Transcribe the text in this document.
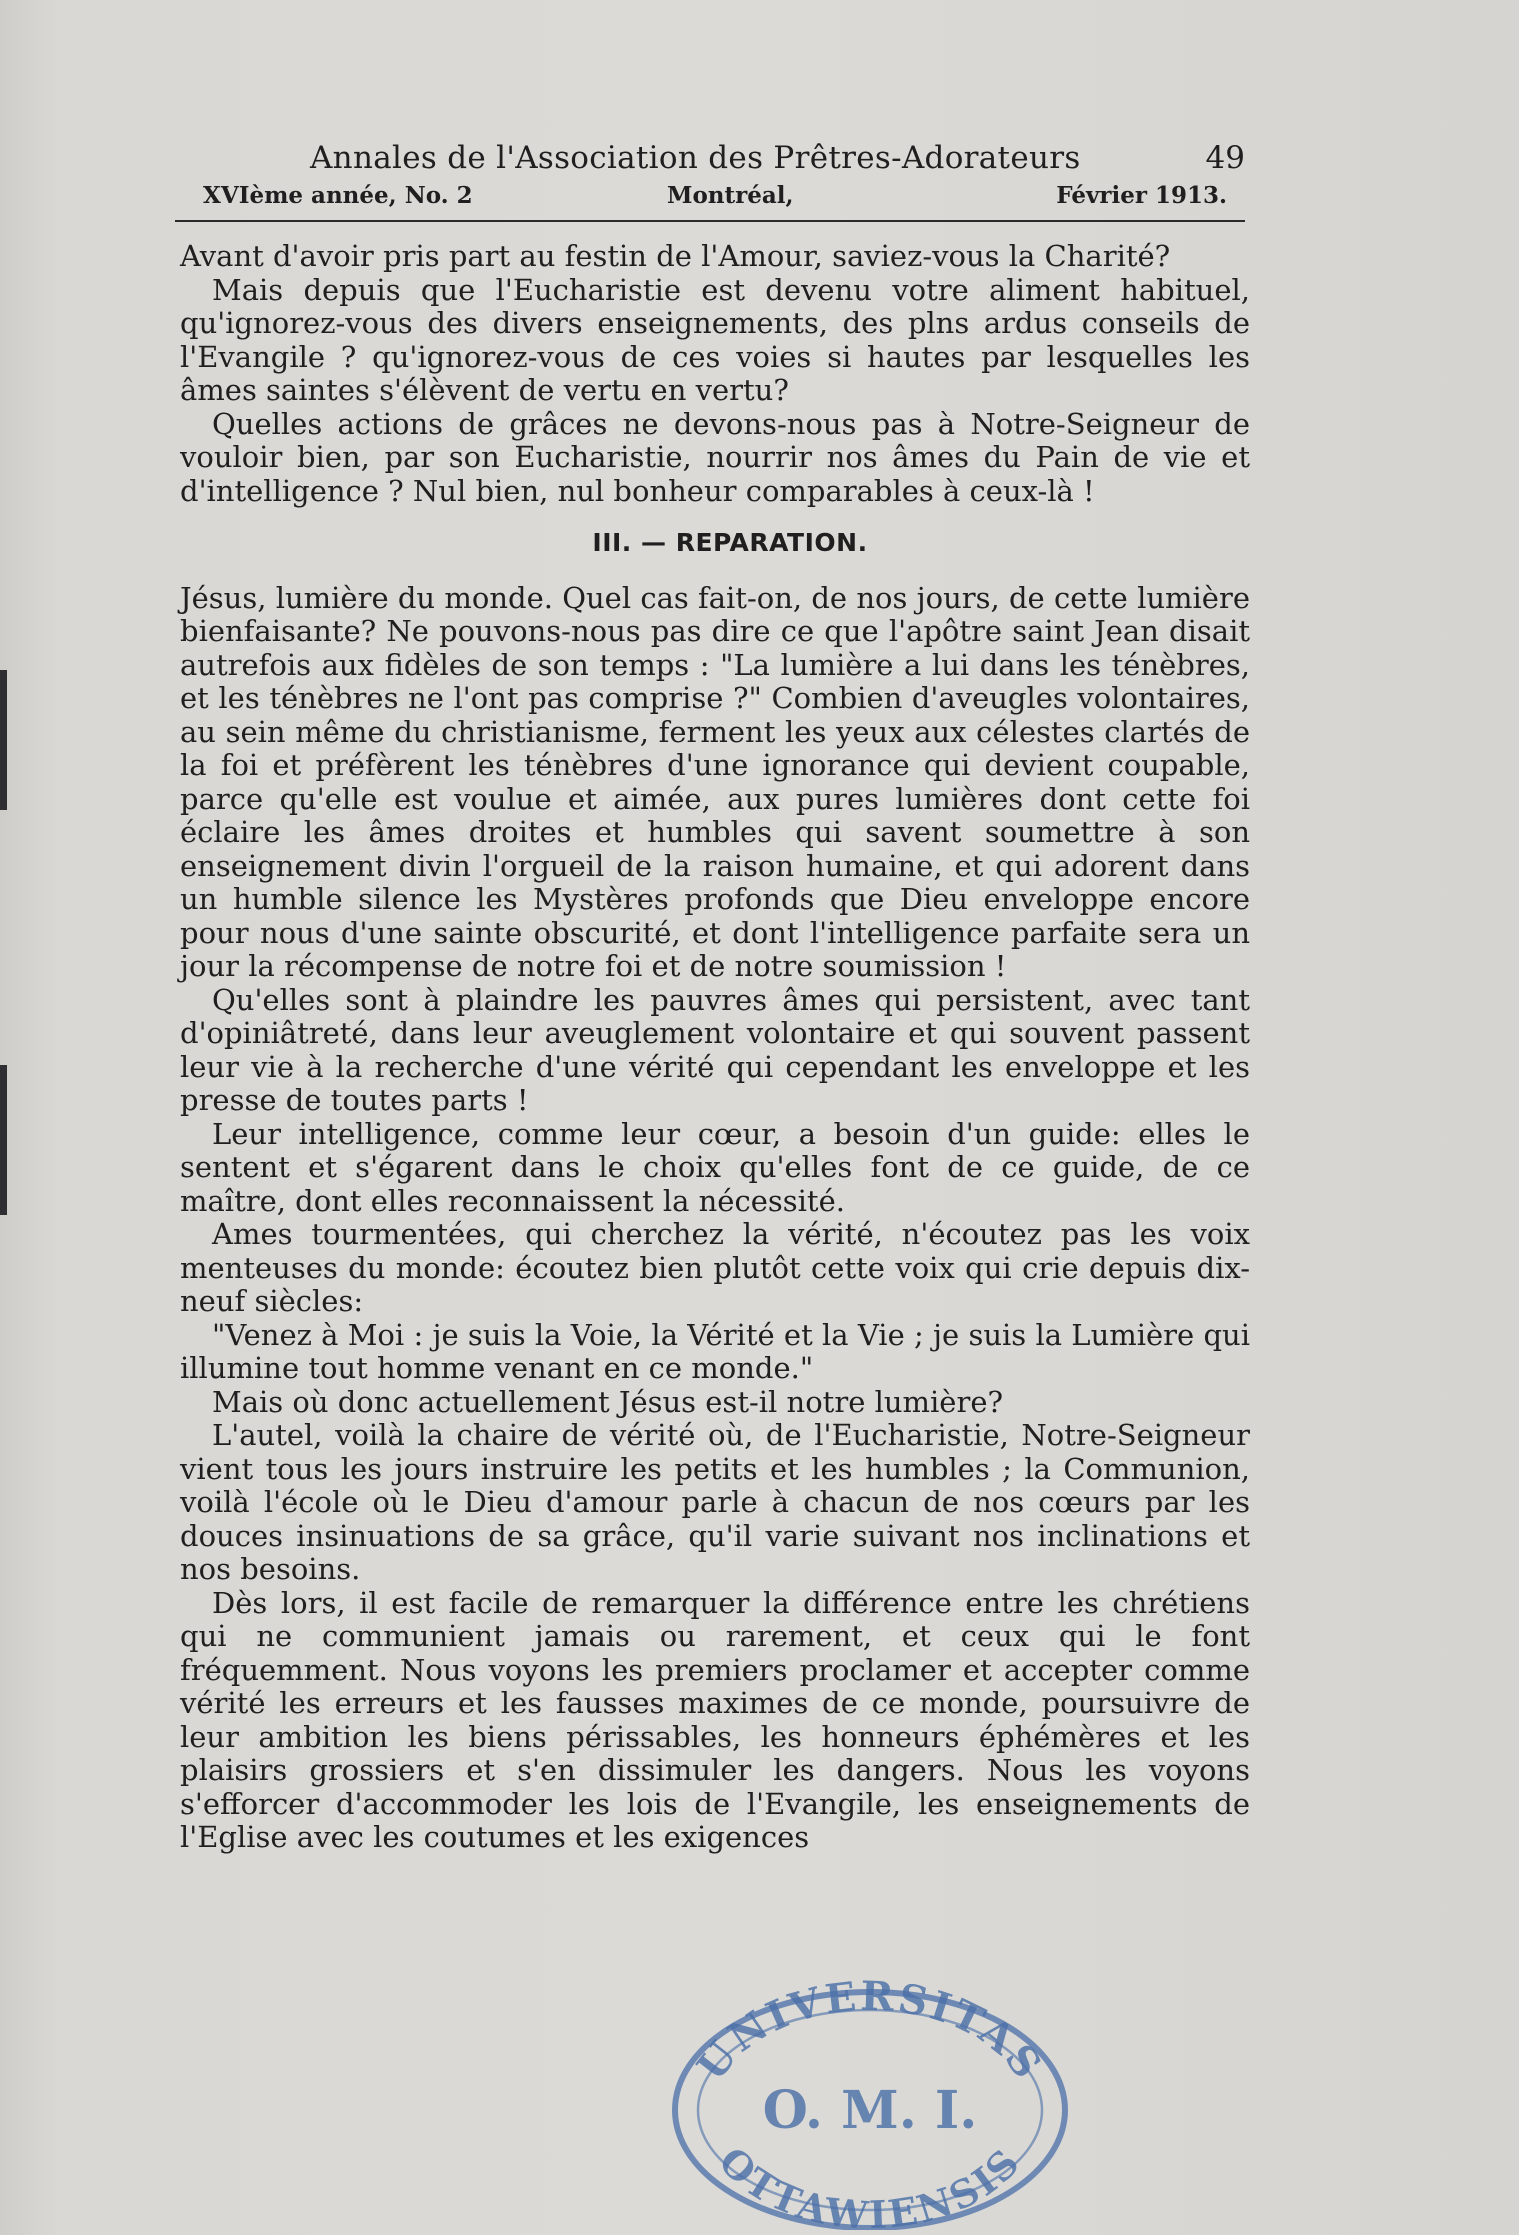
Annales de l'Association des Prêtres-Adorateurs	49
XVIème année, No. 2	Montréal,	Février 1913.

Avant d'avoir pris part au festin de l'Amour, saviez-vous la Charité?

Mais depuis que l'Eucharistie est devenu votre aliment habituel, qu'ignorez-vous des divers enseignements, des plns ardus conseils de l'Evangile ? qu'ignorez-vous de ces voies si hautes par lesquelles les âmes saintes s'élèvent de vertu en vertu?

Quelles actions de grâces ne devons-nous pas à Notre-Seigneur de vouloir bien, par son Eucharistie, nourrir nos âmes du Pain de vie et d'intelligence ? Nul bien, nul bonheur comparables à ceux-là !

III. — REPARATION.

Jésus, lumière du monde. Quel cas fait-on, de nos jours, de cette lumière bienfaisante? Ne pouvons-nous pas dire ce que l'apôtre saint Jean disait autrefois aux fidèles de son temps : "La lumière a lui dans les ténèbres, et les ténèbres ne l'ont pas comprise ?" Combien d'aveugles volontaires, au sein même du christianisme, ferment les yeux aux célestes clartés de la foi et préfèrent les ténèbres d'une ignorance qui devient coupable, parce qu'elle est voulue et aimée, aux pures lumières dont cette foi éclaire les âmes droites et humbles qui savent soumettre à son enseignement divin l'orgueil de la raison humaine, et qui adorent dans un humble silence les Mystères profonds que Dieu enveloppe encore pour nous d'une sainte obscurité, et dont l'intelligence parfaite sera un jour la récompense de notre foi et de notre soumission !

Qu'elles sont à plaindre les pauvres âmes qui persistent, avec tant d'opiniâtreté, dans leur aveuglement volontaire et qui souvent passent leur vie à la recherche d'une vérité qui cependant les enveloppe et les presse de toutes parts !

Leur intelligence, comme leur cœur, a besoin d'un guide: elles le sentent et s'égarent dans le choix qu'elles font de ce guide, de ce maître, dont elles reconnaissent la nécessité.

Ames tourmentées, qui cherchez la vérité, n'écoutez pas les voix menteuses du monde: écoutez bien plutôt cette voix qui crie depuis dix-neuf siècles:

"Venez à Moi : je suis la Voie, la Vérité et la Vie ; je suis la Lumière qui illumine tout homme venant en ce monde."

Mais où donc actuellement Jésus est-il notre lumière?

L'autel, voilà la chaire de vérité où, de l'Eucharistie, Notre-Seigneur vient tous les jours instruire les petits et les humbles ; la Communion, voilà l'école où le Dieu d'amour parle à chacun de nos cœurs par les douces insinuations de sa grâce, qu'il varie suivant nos inclinations et nos besoins.

Dès lors, il est facile de remarquer la différence entre les chrétiens qui ne communient jamais ou rarement, et ceux qui le font fréquemment. Nous voyons les premiers proclamer et accepter comme vérité les erreurs et les fausses maximes de ce monde, poursuivre de leur ambition les biens périssables, les honneurs éphémères et les plaisirs grossiers et s'en dissimuler les dangers. Nous les voyons s'efforcer d'accommoder les lois de l'Evangile, les enseignements de l'Eglise avec les coutumes et les exigences

UNIVERSITAS
O. M. I.
OTTAWIENSIS
